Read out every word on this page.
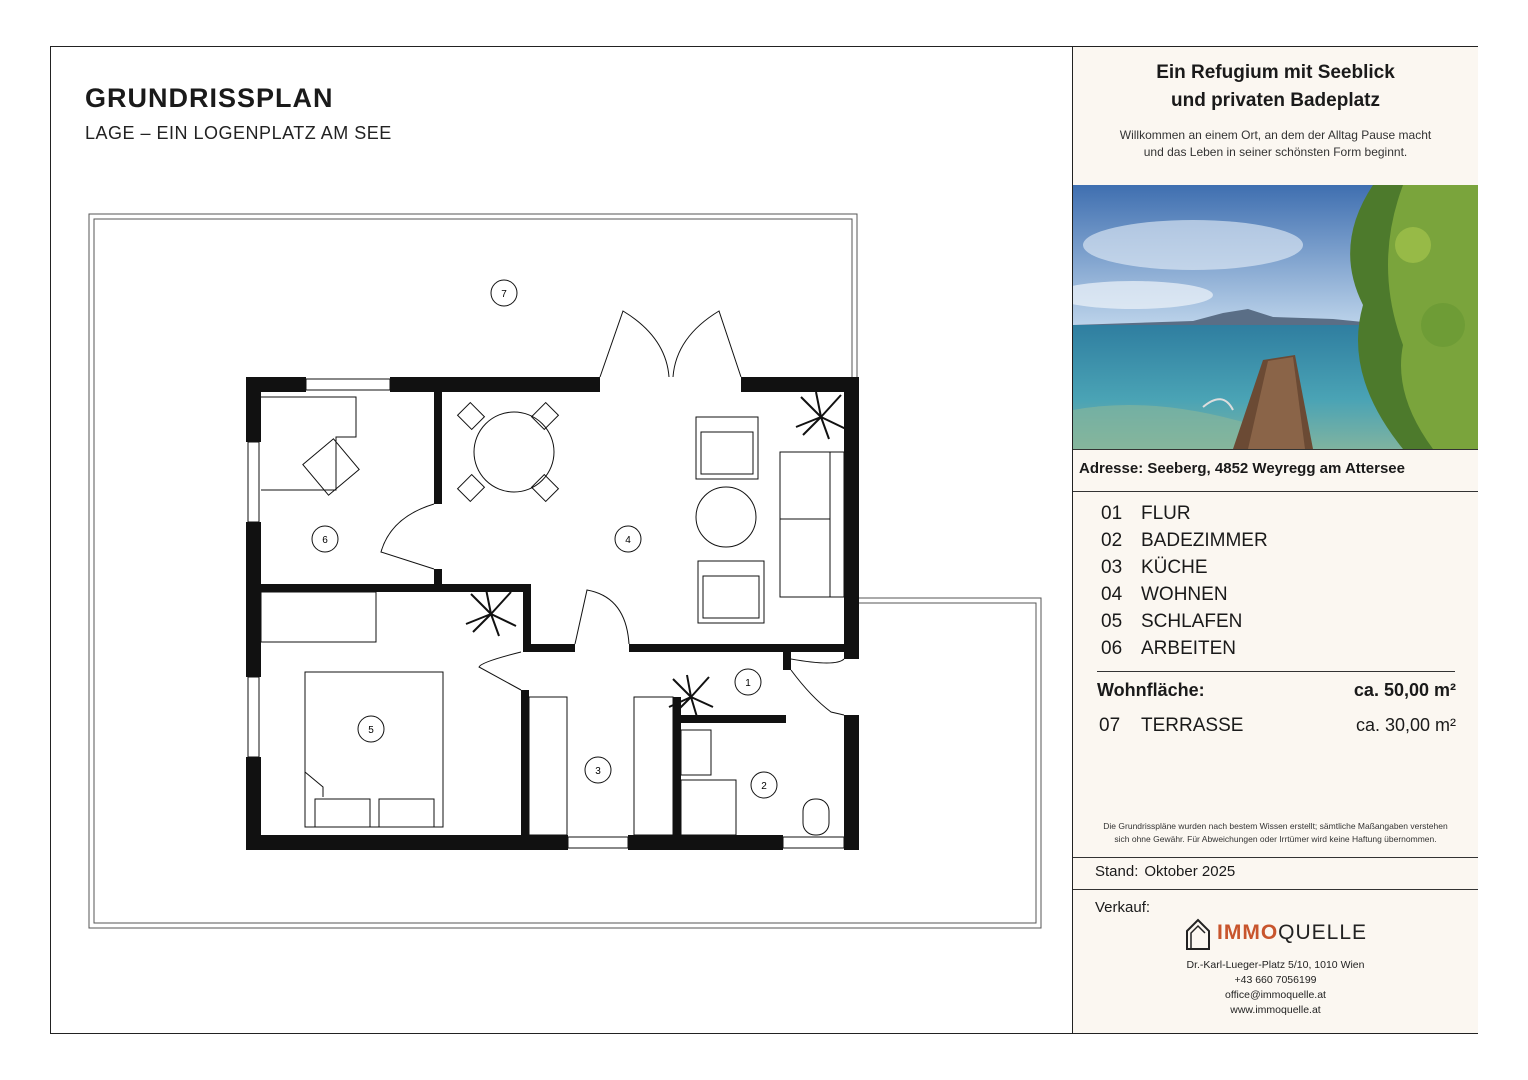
GRUNDRISSPLAN
LAGE – EIN LOGENPLATZ AM SEE
7
6	4
5
1
3
2
Ein Refugium mit Seeblick
und privaten Badeplatz
Willkommen an einem Ort, an dem der Alltag Pause macht
und das Leben in seiner schönsten Form beginnt.
Adresse: Seeberg, 4852 Weyregg am Attersee
01 FLUR
02 BADEZIMMER
03 KÜCHE
04 WOHNEN
05 SCHLAFEN
06 ARBEITEN
Wohnfläche:	ca. 50,00 m²
07 TERRASSE	ca. 30,00 m²
Die Grundrisspläne wurden nach bestem Wissen erstellt; sämtliche Maßangaben verstehen
sich ohne Gewähr. Für Abweichungen oder Irrtümer wird keine Haftung übernommen.
Stand: Oktober 2025
Verkauf:
IMMOQUELLE
Dr.-Karl-Lueger-Platz 5/10, 1010 Wien
+43 660 7056199
office@immoquelle.at
www.immoquelle.at
